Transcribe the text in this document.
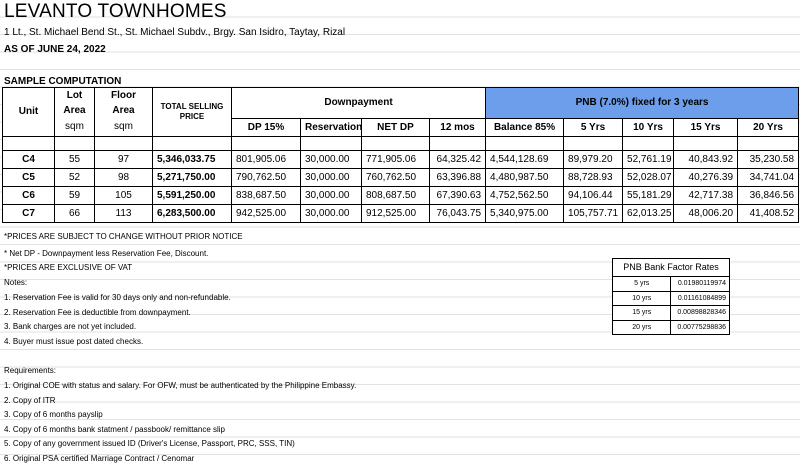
LEVANTO TOWNHOMES
1 Lt., St. Michael Bend St., St. Michael Subdv., Brgy. San Isidro, Taytay, Rizal
AS OF JUNE 24, 2022
SAMPLE COMPUTATION
Unit	Lot Area	Floor Area	TOTAL SELLING PRICE	Downpayment				PNB (7.0%) fixed for 3 years				
	sqm	sqm		DP 15%	Reservation	NET DP	12 mos	Balance 85%	5 Yrs	10 Yrs	15 Yrs	20 Yrs

C4	55	97	5,346,033.75	801,905.06	30,000.00	771,905.06	64,325.42	4,544,128.69	89,979.20	52,761.19	40,843.92	35,230.58
C5	52	98	5,271,750.00	790,762.50	30,000.00	760,762.50	63,396.88	4,480,987.50	88,728.93	52,028.07	40,276.39	34,741.04
C6	59	105	5,591,250.00	838,687.50	30,000.00	808,687.50	67,390.63	4,752,562.50	94,106.44	55,181.29	42,717.38	36,846.56
C7	66	113	6,283,500.00	942,525.00	30,000.00	912,525.00	76,043.75	5,340,975.00	105,757.71	62,013.25	48,006.20	41,408.52
*PRICES ARE SUBJECT TO CHANGE WITHOUT PRIOR NOTICE
* Net DP - Downpayment less Reservation Fee, Discount.
*PRICES ARE EXCLUSIVE OF VAT
Notes:
1. Reservation Fee is valid for 30 days only and non-refundable.
2. Reservation Fee is deductible from downpayment.
3. Bank charges are not yet included.
4. Buyer must issue post dated checks.
Requirements:
1. Original COE with status and salary. For OFW, must be authenticated by the Philippine Embassy.
2. Copy of ITR
3. Copy of 6 months payslip
4. Copy of 6 months bank statment / passbook/ remittance slip
5. Copy of any government issued ID (Driver's License, Passport, PRC, SSS, TIN)
6. Original PSA certified Marriage Contract / Cenomar
PNB Bank Factor Rates
5 yrs	0.01980119974
10 yrs	0.01161084899
15 yrs	0.00898828346
20 yrs	0.00775298836
